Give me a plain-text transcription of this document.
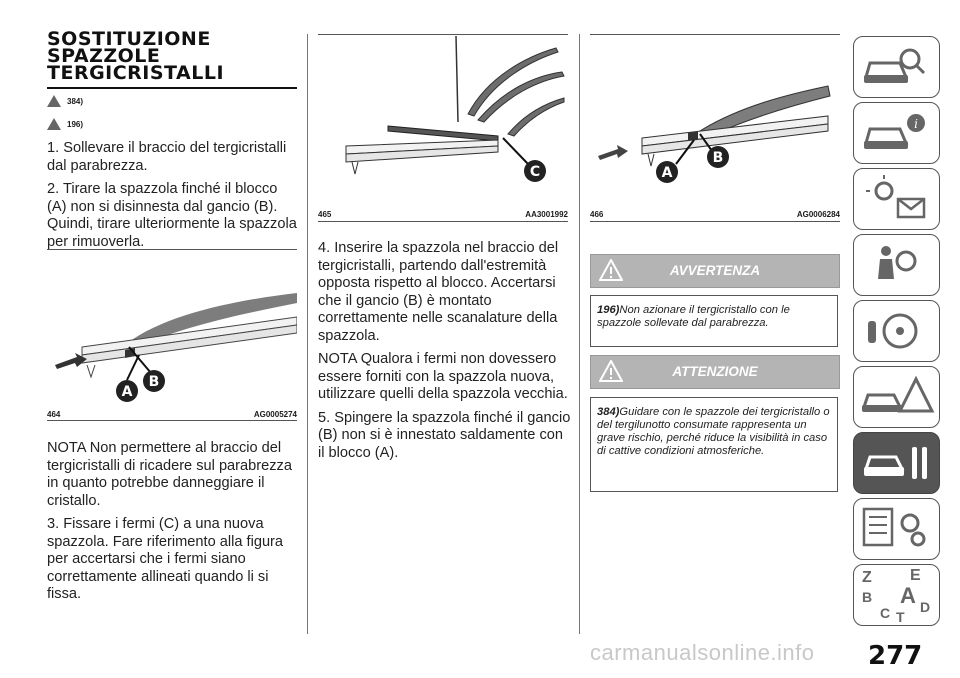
SOSTITUZIONE SPAZZOLE TERGICRISTALLI
384)
196)

1. Sollevare il braccio del tergicristalli dal parabrezza.

2. Tirare la spazzola finché il blocco (A) non si disinnesta dal gancio (B). Quindi, tirare ulteriormente la spazzola per rimuoverla.

A
B
464	AG0005274

NOTA Non permettere al braccio del tergicristalli di ricadere sul parabrezza in quanto potrebbe danneggiare il cristallo.

3. Fissare i fermi (C) a una nuova spazzola. Fare riferimento alla figura per accertarsi che i fermi siano correttamente allineati quando li si fissa.

C
465	AA3001992

4. Inserire la spazzola nel braccio del tergicristalli, partendo dall'estremità opposta rispetto al blocco. Accertarsi che il gancio (B) è montato correttamente nelle scanalature della spazzola.

NOTA Qualora i fermi non dovessero essere forniti con la spazzola nuova, utilizzare quelli della spazzola vecchia.

5. Spingere la spazzola finché il gancio (B) non si è innestato saldamente con il blocco (A).

A
B
466	AG0006284
AVVERTENZA
196)Non azionare il tergicristallo con le spazzole sollevate dal parabrezza.
ATTENZIONE
384)Guidare con le spazzole dei tergicristallo o del tergilunotto consumate rappresenta un grave rischio, perché riduce la visibilità in caso di cattive condizioni atmosferiche.
i
Z E
B A
C D
T
carmanualsonline.info 277
